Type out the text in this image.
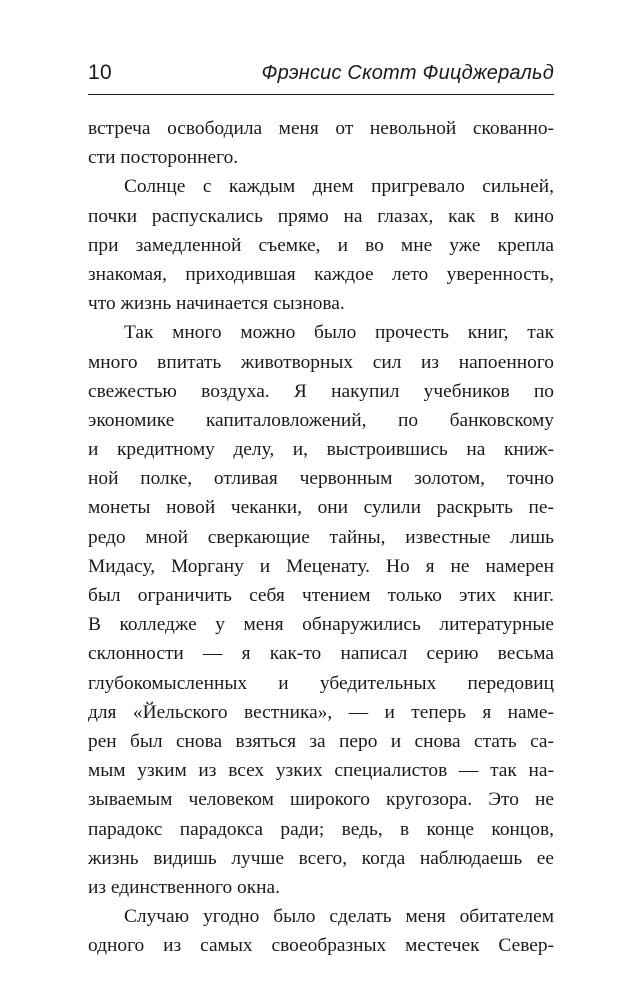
10	Фрэнсис Скотт Фицджеральд
встреча освободила меня от невольной скованно-
сти постороннего.
Солнце с каждым днем пригревало сильней,
почки распускались прямо на глазах, как в кино
при замедленной съемке, и во мне уже крепла
знакомая, приходившая каждое лето уверенность,
что жизнь начинается сызнова.
Так много можно было прочесть книг, так
много впитать животворных сил из напоенного
свежестью воздуха. Я накупил учебников по
экономике капиталовложений, по банковскому
и кредитному делу, и, выстроившись на книж-
ной полке, отливая червонным золотом, точно
монеты новой чеканки, они сулили раскрыть пе-
редо мной сверкающие тайны, известные лишь
Мидасу, Моргану и Меценату. Но я не намерен
был ограничить себя чтением только этих книг.
В колледже у меня обнаружились литературные
склонности — я как-то написал серию весьма
глубокомысленных и убедительных передовиц
для «Йельского вестника», — и теперь я наме-
рен был снова взяться за перо и снова стать са-
мым узким из всех узких специалистов — так на-
зываемым человеком широкого кругозора. Это не
парадокс парадокса ради; ведь, в конце концов,
жизнь видишь лучше всего, когда наблюдаешь ее
из единственного окна.
Случаю угодно было сделать меня обитателем
одного из самых своеобразных местечек Север-
